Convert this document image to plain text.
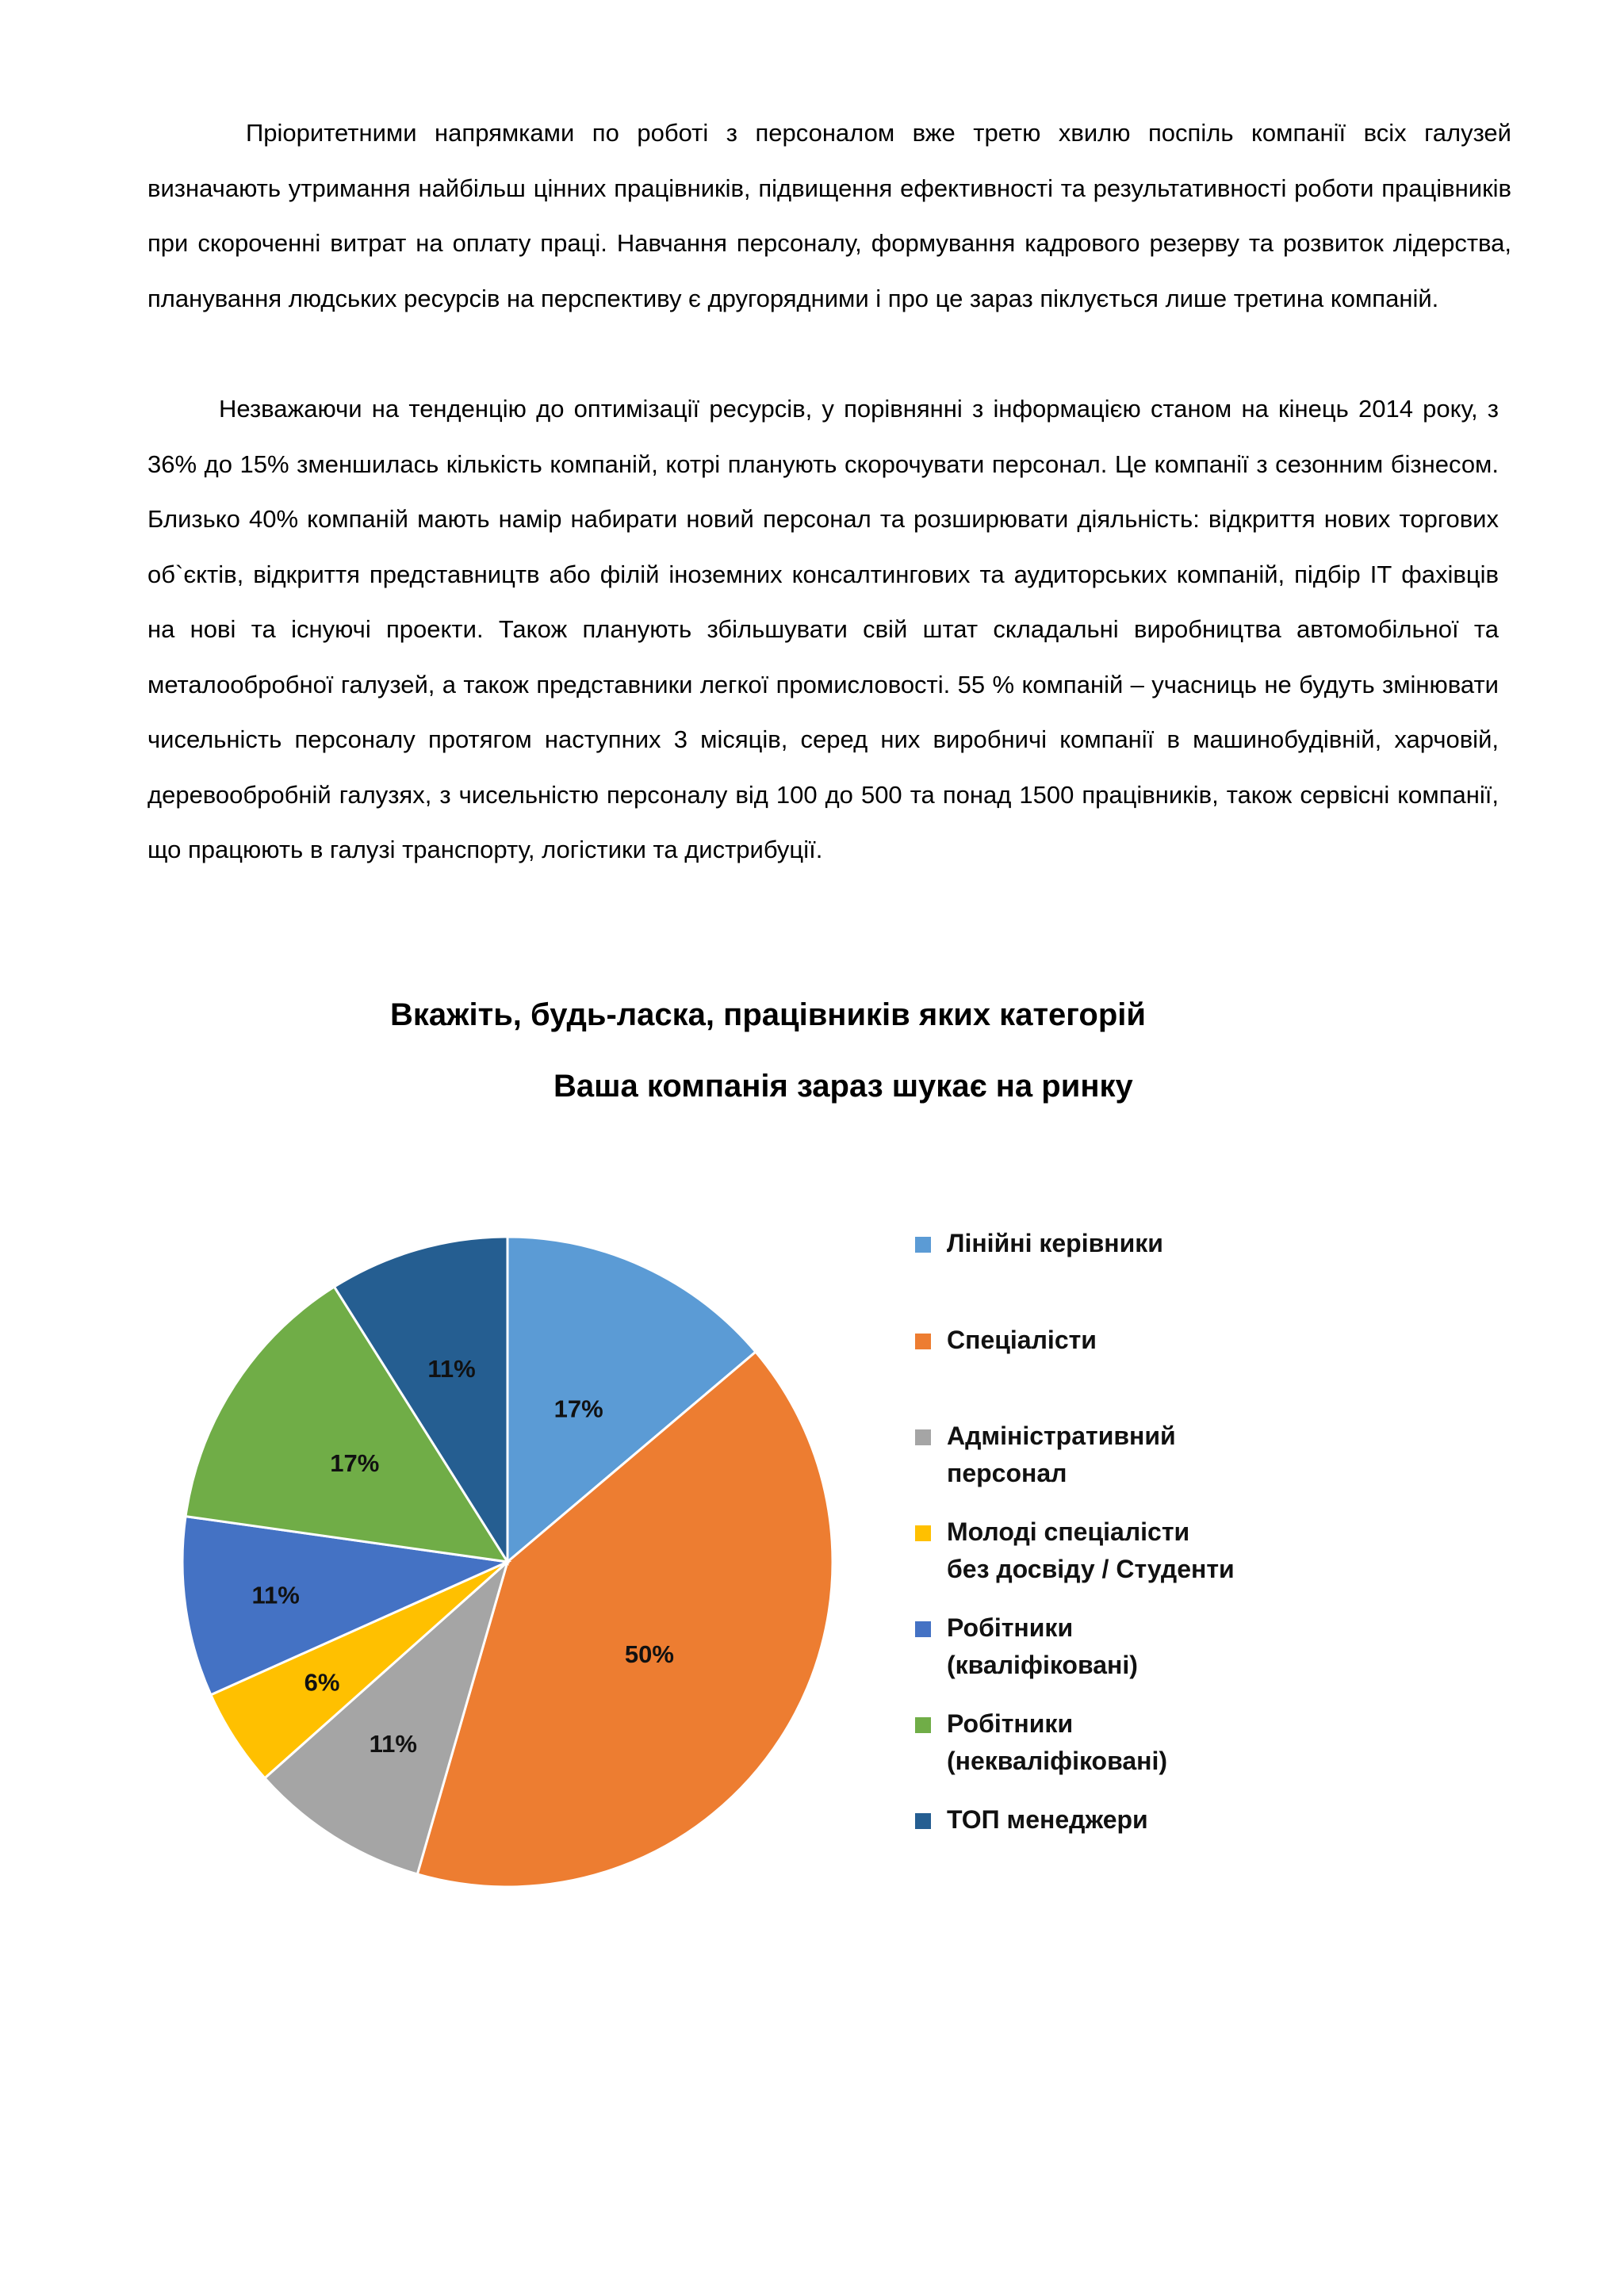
Пріоритетними напрямками по роботі з персоналом вже третю хвилю поспіль компанії всіх галузей визначають утримання найбільш цінних працівників, підвищення ефективності та результативності роботи працівників при скороченні витрат на оплату праці. Навчання персоналу, формування кадрового резерву та розвиток лідерства, планування людських ресурсів на перспективу є другорядними і про це зараз піклується лише третина компаній.

Незважаючи на тенденцію до оптимізації ресурсів, у порівнянні з інформацією станом на кінець 2014 року, з 36% до 15% зменшилась кількість компаній, котрі планують скорочувати персонал. Це компанії з сезонним бізнесом. Близько 40% компаній мають намір набирати новий персонал та розширювати діяльність: відкриття нових торгових об`єктів, відкриття представництв або філій іноземних консалтингових та аудиторських компаній, підбір ІТ фахівців на нові та існуючі проекти. Також планують збільшувати свій штат складальні виробництва автомобільної та металообробної галузей, а також представники легкої промисловості. 55 % компаній – учасниць не будуть змінювати чисельність персоналу протягом наступних 3 місяців, серед них виробничі компанії в машинобудівній, харчовій, деревообробній галузях, з чисельністю персоналу від 100 до 500 та понад 1500 працівників, також сервісні компанії, що працюють в галузі транспорту, логістики та дистрибуції.

Вкажіть, будь-ласка, працівників яких категорій
Ваша компанія зараз шукає на ринку
17%
50%
11%
6%
11%
17%
11%
Лінійні керівники
Спеціалісти
Адміністративний
персонал
Молоді спеціалісти
без досвіду / Студенти
Робітники
(кваліфіковані)
Робітники
(некваліфіковані)
ТОП менеджери
